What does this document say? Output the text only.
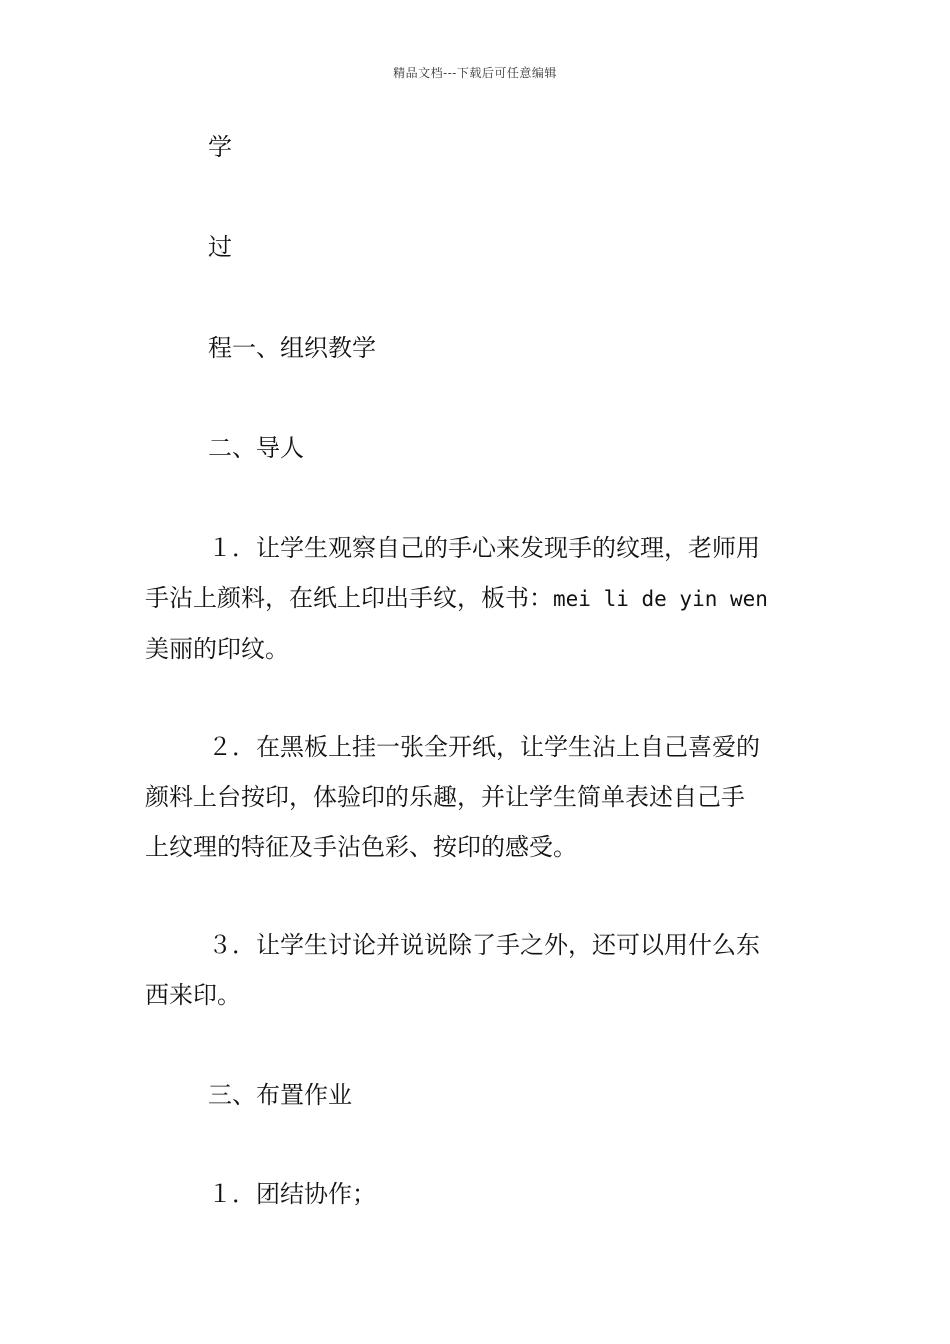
精品文档---下载后可任意编辑
学
过
程一、组织教学
二、导人
１．让学生观察自己的手心来发现手的纹理，老师用
手沾上颜料，在纸上印出手纹，板书：mei li de yin wen
美丽的印纹。
２．在黑板上挂一张全开纸，让学生沾上自己喜爱的
颜料上台按印，体验印的乐趣，并让学生简单表述自己手
上纹理的特征及手沾色彩、按印的感受。
３．让学生讨论并说说除了手之外，还可以用什么东
西来印。
三、布置作业
１．团结协作；
